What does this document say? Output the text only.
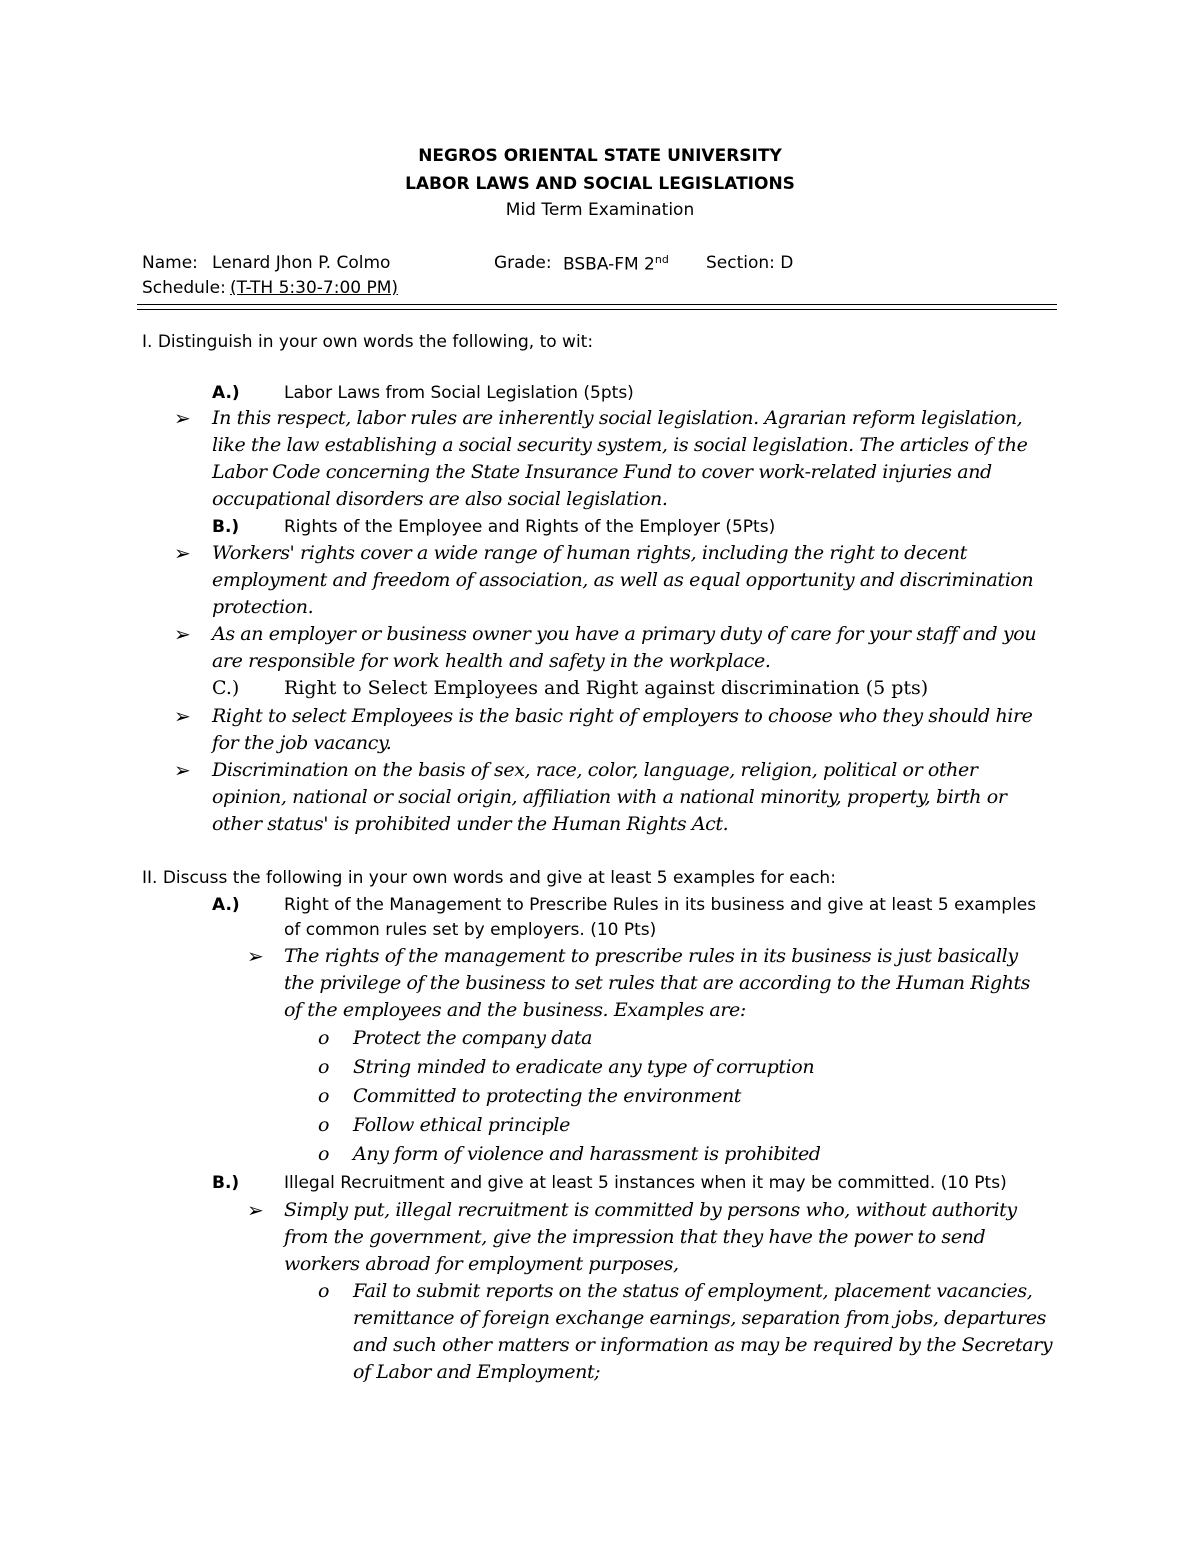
NEGROS ORIENTAL STATE UNIVERSITY
LABOR LAWS AND SOCIAL LEGISLATIONS
Mid Term Examination
Name: Lenard Jhon P. Colmo	Grade: BSBA-FM 2nd Section: D
Schedule: (T-TH 5:30-7:00 PM)
I. Distinguish in your own words the following, to wit:
A.)	Labor Laws from Social Legislation (5pts)
➢ In this respect, labor rules are inherently social legislation. Agrarian reform legislation,
like the law establishing a social security system, is social legislation. The articles of the
Labor Code concerning the State Insurance Fund to cover work-related injuries and
occupational disorders are also social legislation.
B.)	Rights of the Employee and Rights of the Employer (5Pts)
➢ Workers' rights cover a wide range of human rights, including the right to decent
employment and freedom of association, as well as equal opportunity and discrimination
protection.
➢ As an employer or business owner you have a primary duty of care for your staff and you
are responsible for work health and safety in the workplace.
C.) Right to Select Employees and Right against discrimination (5 pts)
➢ Right to select Employees is the basic right of employers to choose who they should hire
for the job vacancy.
➢ Discrimination on the basis of sex, race, color, language, religion, political or other
opinion, national or social origin, affiliation with a national minority, property, birth or
other status' is prohibited under the Human Rights Act.
II. Discuss the following in your own words and give at least 5 examples for each:
A.)	Right of the Management to Prescribe Rules in its business and give at least 5 examples
of common rules set by employers. (10 Pts)
➢ The rights of the management to prescribe rules in its business is just basically
the privilege of the business to set rules that are according to the Human Rights
of the employees and the business. Examples are:
o Protect the company data
o String minded to eradicate any type of corruption
o Committed to protecting the environment
o Follow ethical principle
o Any form of violence and harassment is prohibited
B.)	Illegal Recruitment and give at least 5 instances when it may be committed. (10 Pts)
➢ Simply put, illegal recruitment is committed by persons who, without authority
from the government, give the impression that they have the power to send
workers abroad for employment purposes,
o Fail to submit reports on the status of employment, placement vacancies,
remittance of foreign exchange earnings, separation from jobs, departures
and such other matters or information as may be required by the Secretary
of Labor and Employment;
